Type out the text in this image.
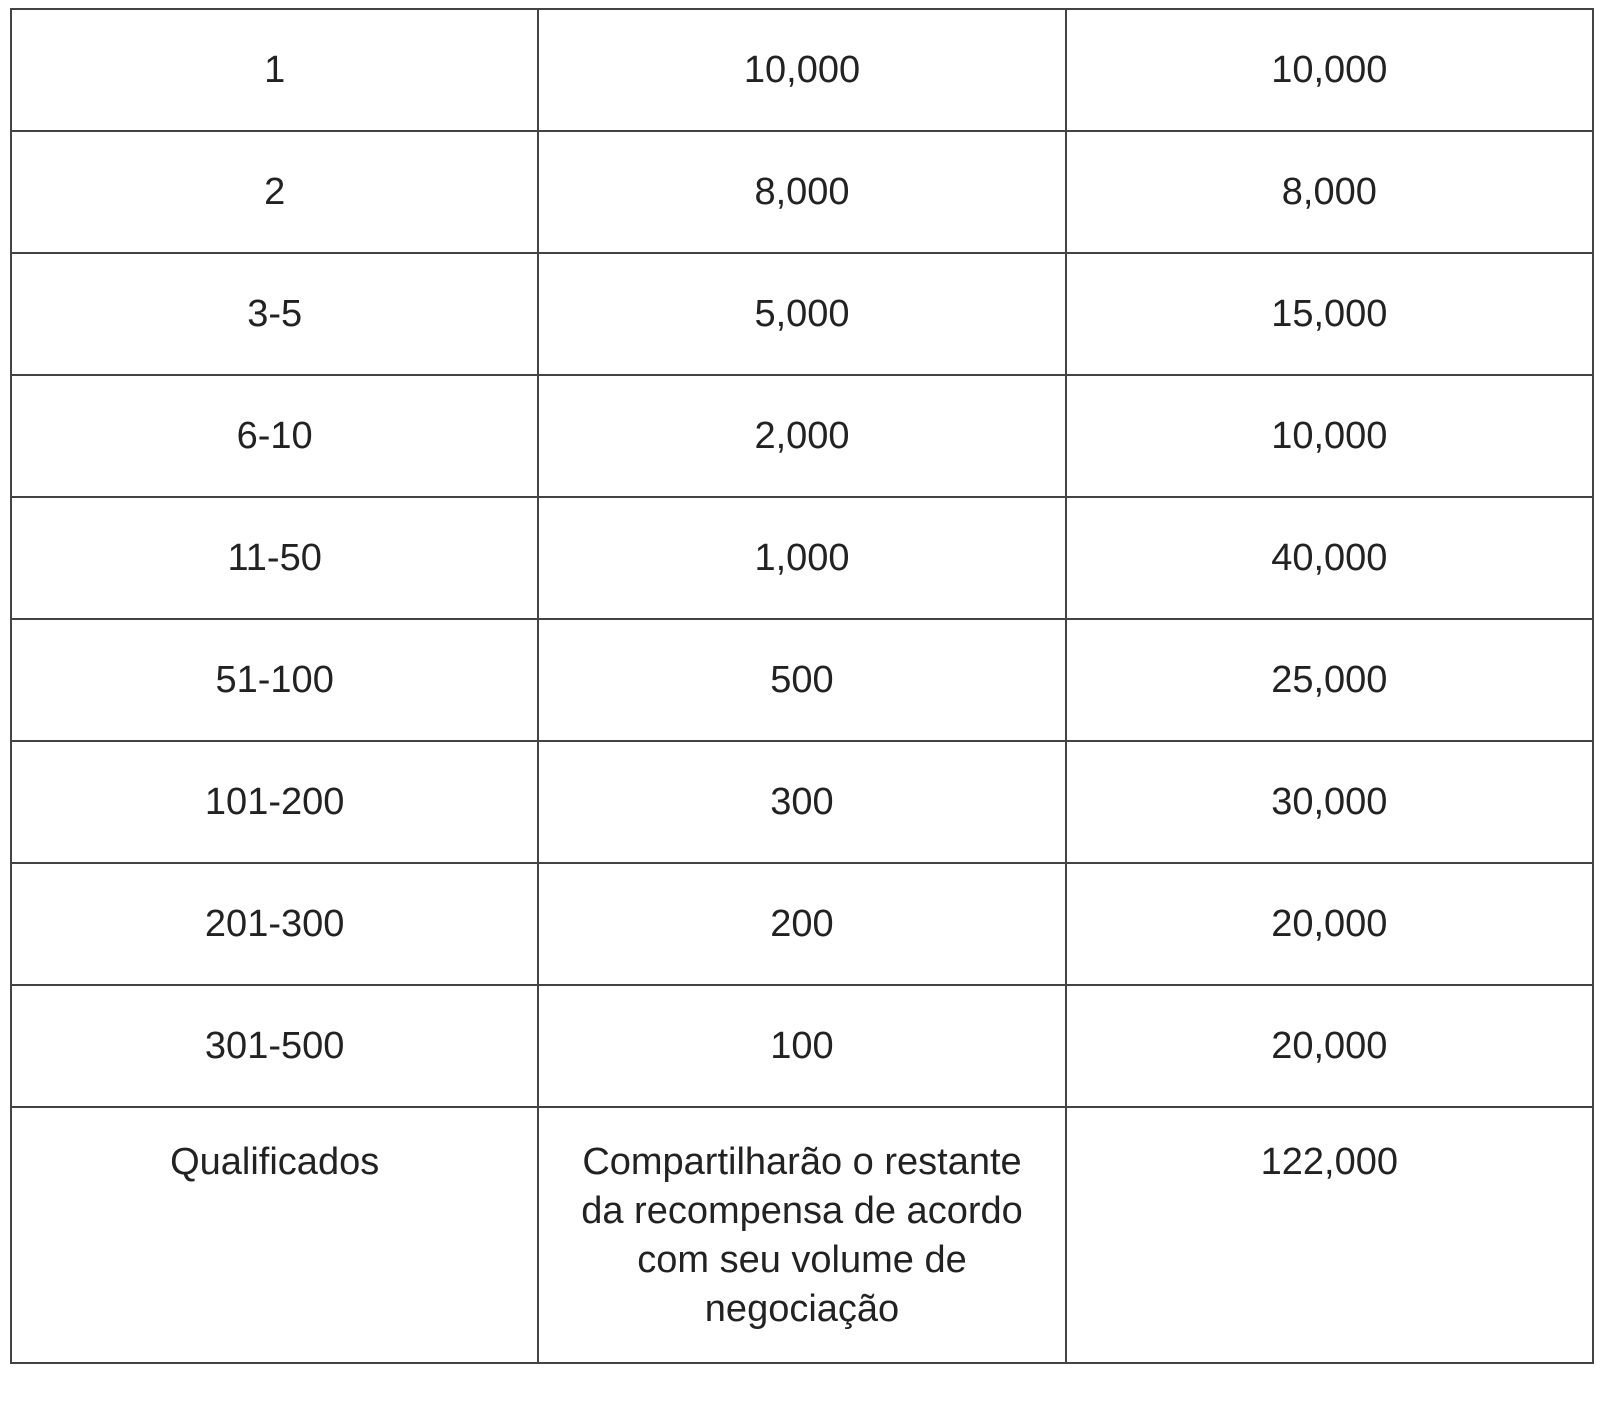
1	10,000	10,000
2	8,000	8,000
3-5	5,000	15,000
6-10	2,000	10,000
11-50	1,000	40,000
51-100	500	25,000
101-200	300	30,000
201-300	200	20,000
301-500	100	20,000
Qualificados	Compartilharão o restante da recompensa de acordo com seu volume de negociação	122,000
